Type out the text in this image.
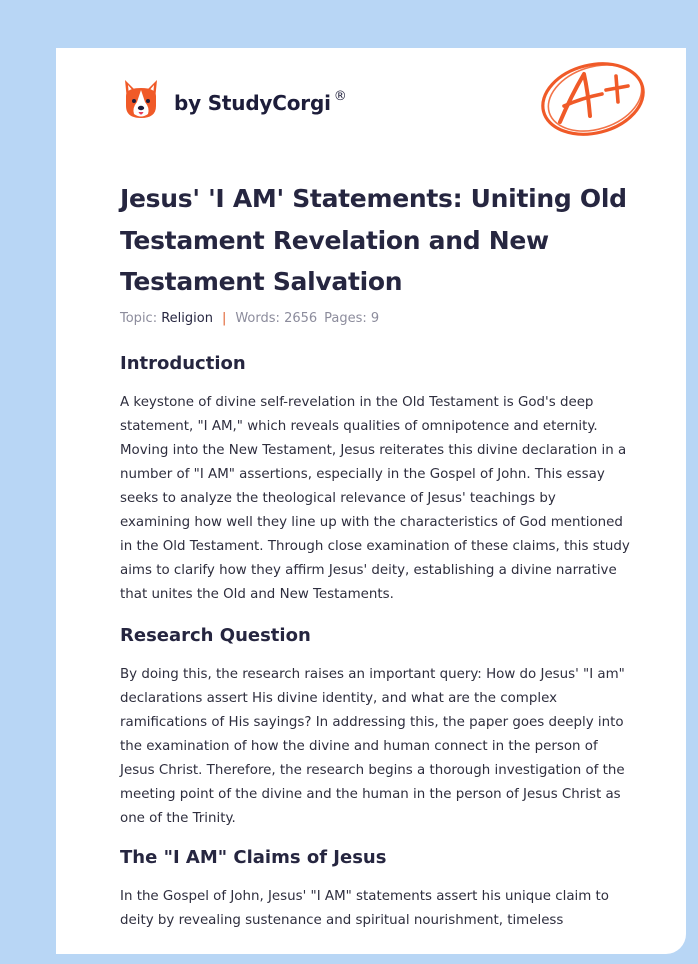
by StudyCorgi ®
Jesus' 'I AM' Statements: Uniting Old Testament Revelation and New Testament Salvation
Topic: Religion | Words: 2656 Pages: 9
Introduction

A keystone of divine self-revelation in the Old Testament is God's deep statement, "I AM," which reveals qualities of omnipotence and eternity. Moving into the New Testament, Jesus reiterates this divine declaration in a number of "I AM" assertions, especially in the Gospel of John. This essay seeks to analyze the theological relevance of Jesus' teachings by examining how well they line up with the characteristics of God mentioned in the Old Testament. Through close examination of these claims, this study aims to clarify how they affirm Jesus' deity, establishing a divine narrative that unites the Old and New Testaments.

Research Question

By doing this, the research raises an important query: How do Jesus' "I am" declarations assert His divine identity, and what are the complex ramifications of His sayings? In addressing this, the paper goes deeply into the examination of how the divine and human connect in the person of Jesus Christ. Therefore, the research begins a thorough investigation of the meeting point of the divine and the human in the person of Jesus Christ as one of the Trinity.

The "I AM" Claims of Jesus

In the Gospel of John, Jesus' "I AM" statements assert his unique claim to deity by revealing sustenance and spiritual nourishment, timeless
